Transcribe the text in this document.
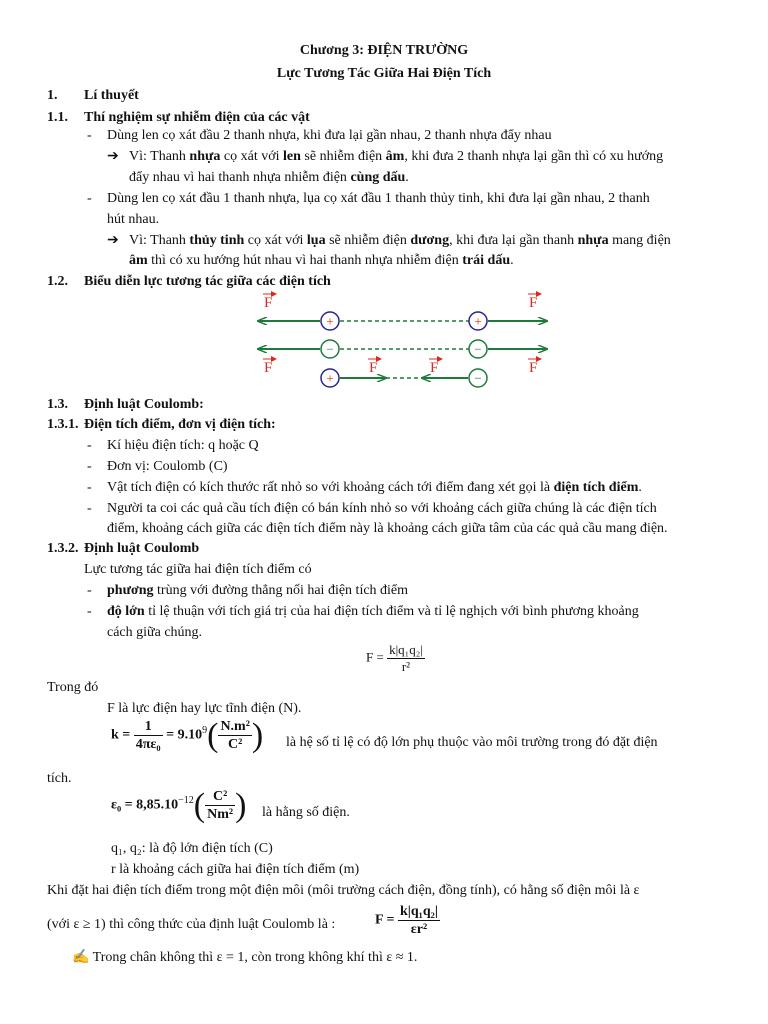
Chương 3: ĐIỆN TRƯỜNG
Lực Tương Tác Giữa Hai Điện Tích
1. Lí thuyết
1.1. Thí nghiệm sự nhiễm điện của các vật
- Dùng len cọ xát đầu 2 thanh nhựa, khi đưa lại gần nhau, 2 thanh nhựa đẩy nhau
➔ Vì: Thanh nhựa cọ xát với len sẽ nhiễm điện âm, khi đưa 2 thanh nhựa lại gần thì có xu hướng
đẩy nhau vì hai thanh nhựa nhiễm điện cùng dấu.
- Dùng len cọ xát đầu 1 thanh nhựa, lụa cọ xát đầu 1 thanh thủy tinh, khi đưa lại gần nhau, 2 thanh
hút nhau.
➔ Vì: Thanh thủy tinh cọ xát với lụa sẽ nhiễm điện dương, khi đưa lại gần thanh nhựa mang điện
âm thì có xu hướng hút nhau vì hai thanh nhựa nhiễm điện trái dấu.
1.2. Biểu diễn lực tương tác giữa các điện tích
+	+
F	F
−	−
F	F
+	−
F	F
1.3. Định luật Coulomb:
1.3.1. Điện tích điểm, đơn vị điện tích:
- Kí hiệu điện tích: q hoặc Q
- Đơn vị: Coulomb (C)
- Vật tích điện có kích thước rất nhỏ so với khoảng cách tới điểm đang xét gọi là điện tích điểm.
- Người ta coi các quả cầu tích điện có bán kính nhỏ so với khoảng cách giữa chúng là các điện tích
điểm, khoảng cách giữa các điện tích điểm này là khoảng cách giữa tâm của các quả cầu mang điện.
1.3.2. Định luật Coulomb
Lực tương tác giữa hai điện tích điểm có
- phương trùng với đường thẳng nối hai điện tích điểm
- độ lớn tỉ lệ thuận với tích giá trị của hai điện tích điểm và tỉ lệ nghịch với bình phương khoảng
cách giữa chúng.
$F = \frac{\text{k|q₁q₂|}}{\text{r²}}$
Trong đó
F là lực điện hay lực tĩnh điện (N).
$k = \frac{1}{\text{4πε₀}} = 9.10^9( \frac{\text{N.m²}}{\text{C²}}$ ) là hệ số tỉ lệ có độ lớn phụ thuộc vào môi trường trong đó đặt điện
tích.
$\varepsilon_0 = 8,85.10^{-12}( \frac{\text{C²}}{\text{Nm²}}$ ) là hằng số điện.
q₁, q₂: là độ lớn điện tích (C)
r là khoảng cách giữa hai điện tích điểm (m)
Khi đặt hai điện tích điểm trong một điện môi (môi trường cách điện, đồng tính), có hằng số điện môi là ε
(với ε ≥ 1) thì công thức của định luật Coulomb là :	$F = \frac{\text{k|q₁q₂|}}{\text{εr²}}$
✍ Trong chân không thì ε = 1, còn trong không khí thì ε ≈ 1.
